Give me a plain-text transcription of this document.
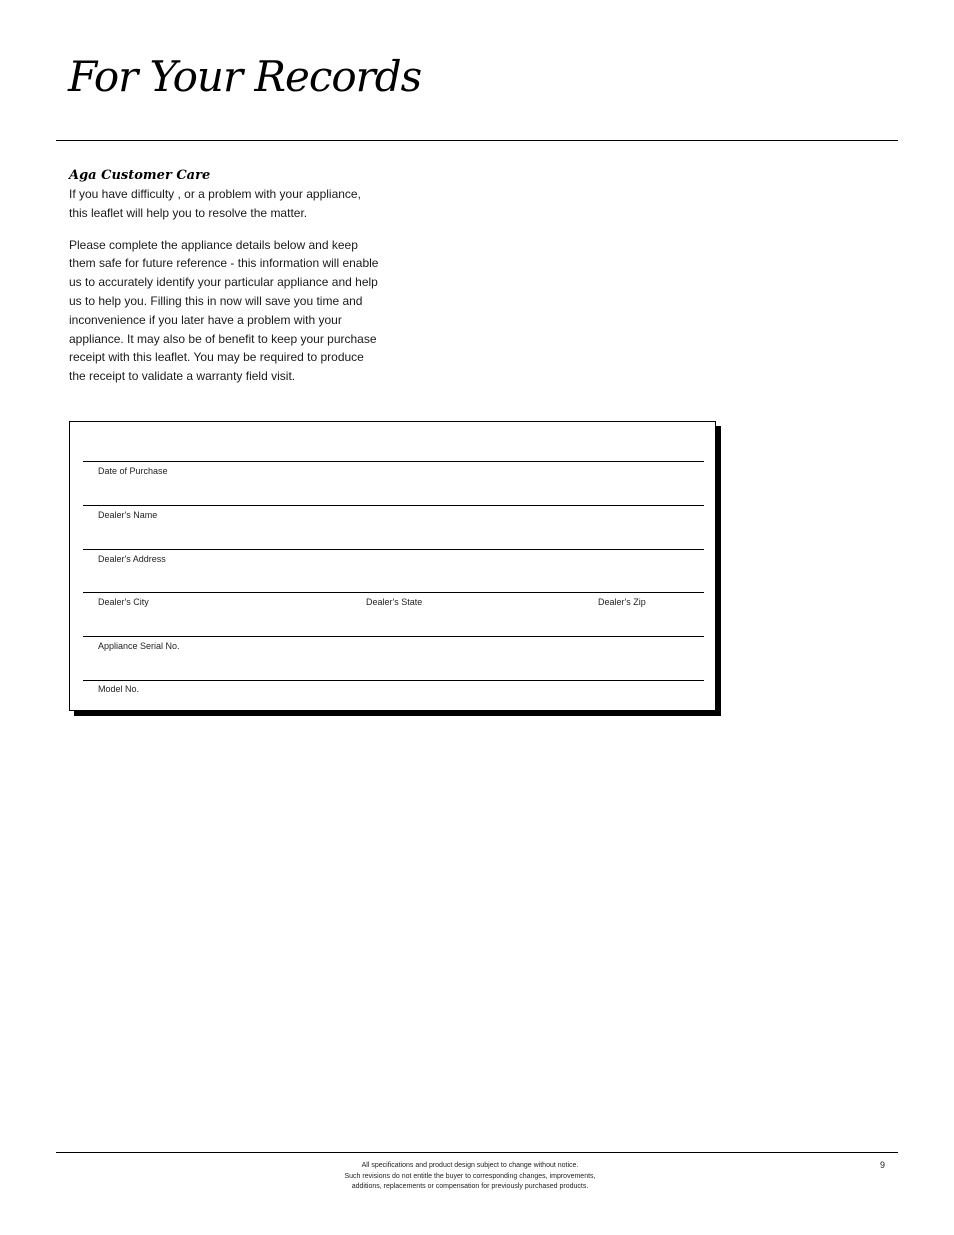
For Your Records
Aga Customer Care

If you have difficulty , or a problem with your appliance, this leaflet will help you to resolve the matter.

Please complete the appliance details below and keep them safe for future reference - this information will enable us to accurately identify your particular appliance and help us to help you. Filling this in now will save you time and inconvenience if you later have a problem with your appliance. It may also be of benefit to keep your purchase receipt with this leaflet. You may be required to produce the receipt to validate a warranty field visit.

Date of Purchase
Dealer's Name
Dealer's Address
Dealer's City	Dealer's State	Dealer's Zip
Appliance Serial No.
Model No.
All specifications and product design subject to change without notice.
Such revisions do not entitle the buyer to corresponding changes, improvements,
additions, replacements or compensation for previously purchased products.
9
